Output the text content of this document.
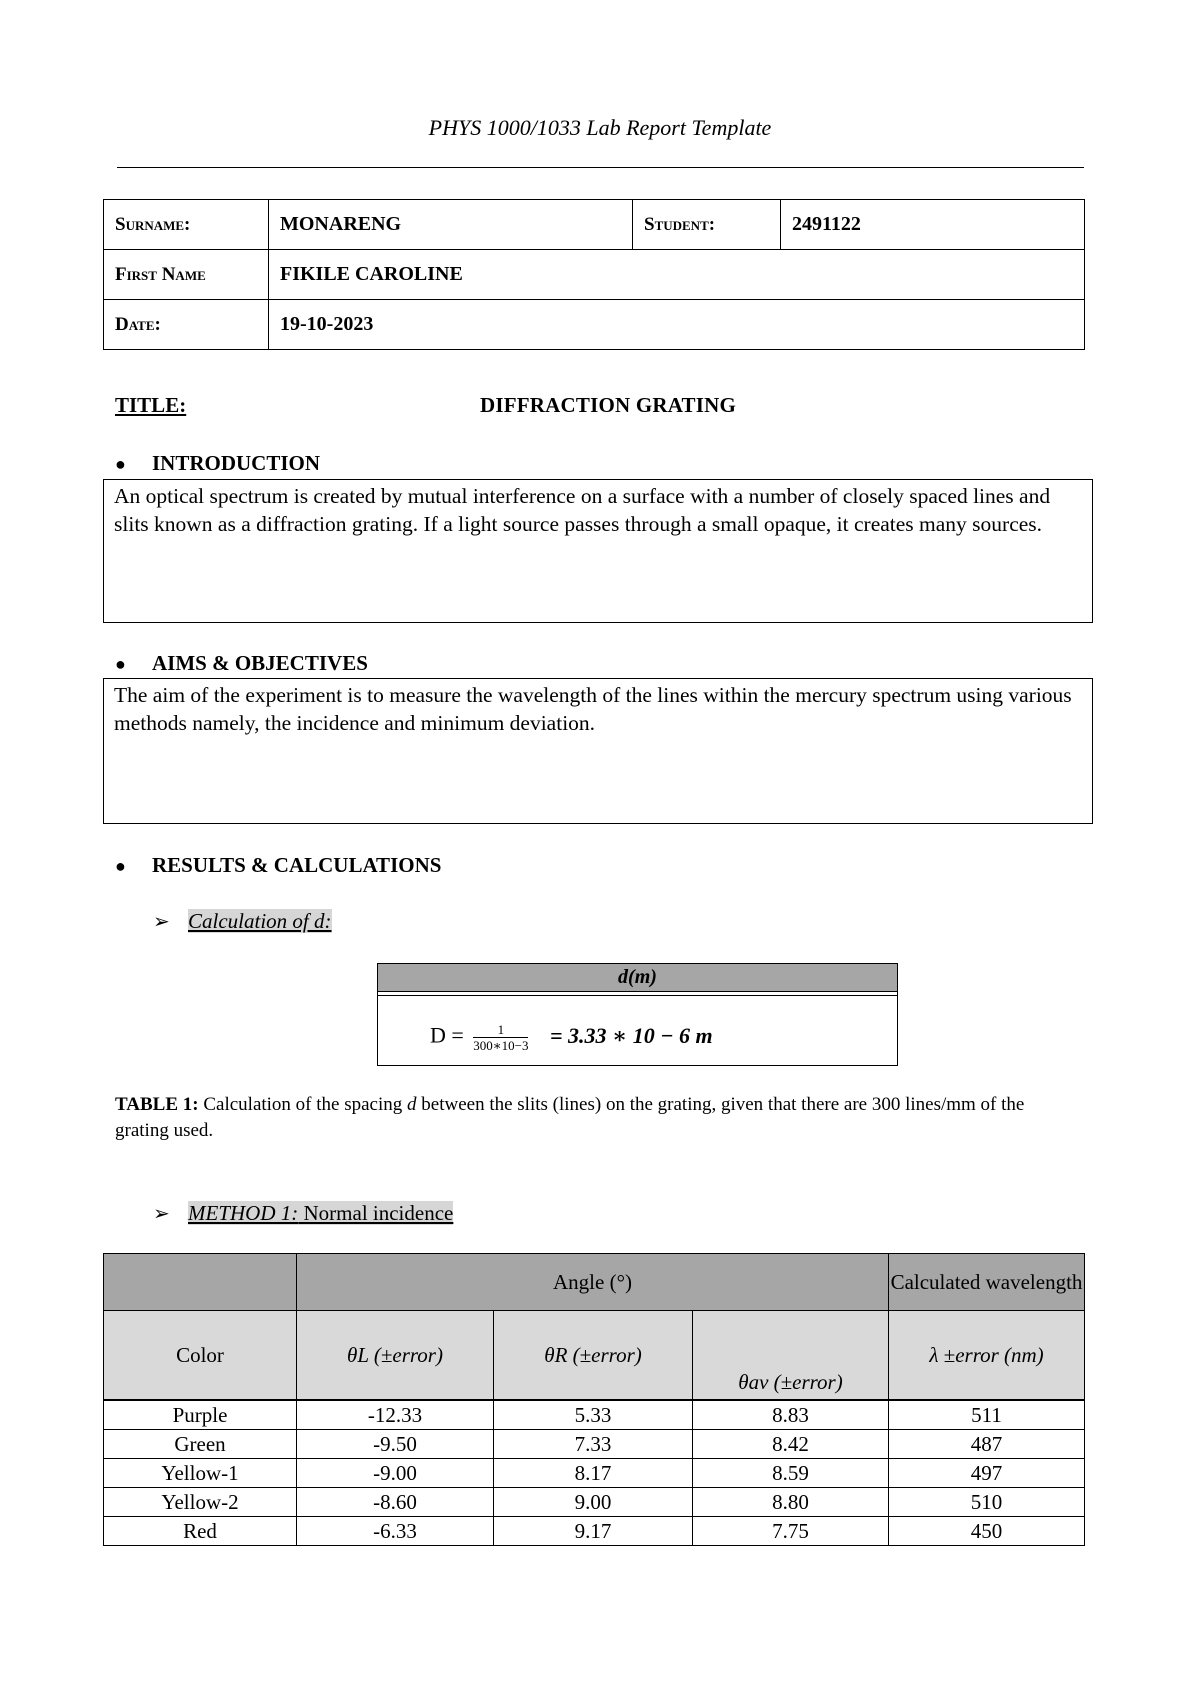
PHYS 1000/1033 Lab Report Template
Surname:	MONARENG	Student:	2491122
First Name	FIKILE CAROLINE		
Date:	19-10-2023		
TITLE:	DIFFRACTION GRATING
● INTRODUCTION
An optical spectrum is created by mutual interference on a surface with a number of closely spaced lines and slits known as a diffraction grating. If a light source passes through a small opaque, it creates many sources.
● AIMS & OBJECTIVES
The aim of the experiment is to measure the wavelength of the lines within the mercury spectrum using various methods namely, the incidence and minimum deviation.
● RESULTS & CALCULATIONS
➢ Calculation of d:
d(m)
$D = \frac{1}{300∗10-3} = 3.33$ ∗ 10 − 6 m
TABLE 1: Calculation of the spacing d between the slits (lines) on the grating, given that there are 300 lines/mm of the grating used.
➢ METHOD 1: Normal incidence
	Angle (°)			Calculated wavelength
Color	θL (±error)	θR (±error)	θav (±error)	λ ±error (nm)
Purple	-12.33	5.33	8.83	511
Green	-9.50	7.33	8.42	487
Yellow-1	-9.00	8.17	8.59	497
Yellow-2	-8.60	9.00	8.80	510
Red	-6.33	9.17	7.75	450
